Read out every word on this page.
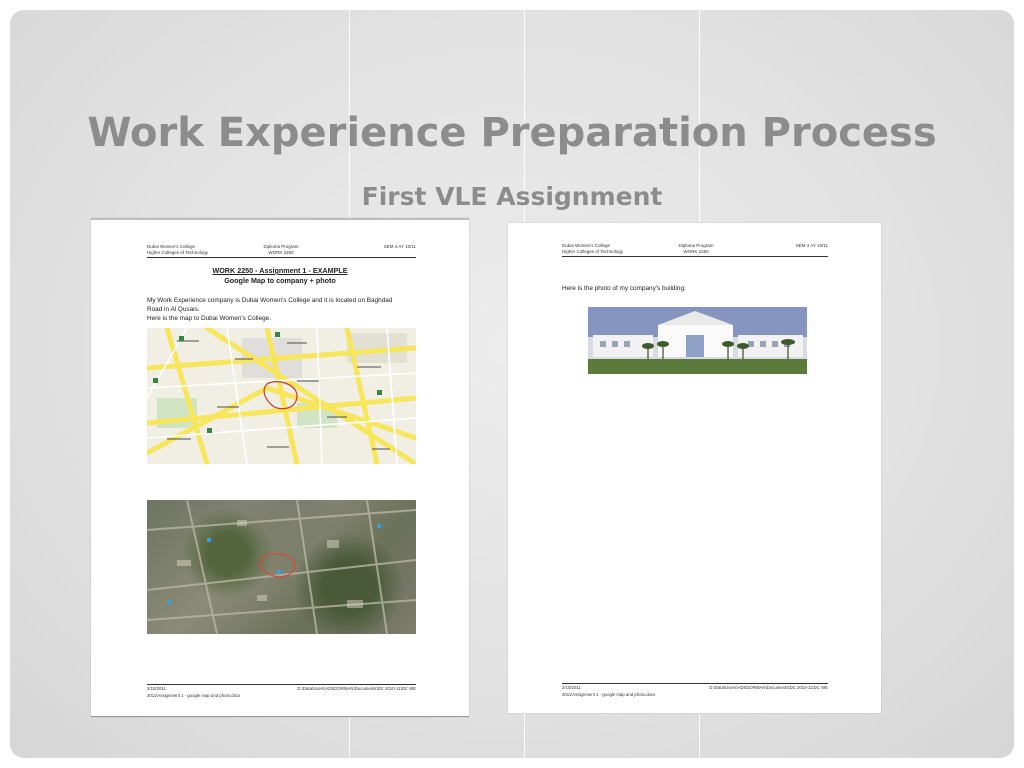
Work Experience Preparation Process
First VLE Assignment
Dubai Women's College
Higher Colleges of Technology
Diploma Program
WORK 2250
SEM 4 AY 10/11
WORK 2250 - Assignment 1 - EXAMPLE
Google Map to company + photo
My Work Experience company is Dubai Women's College and it is located on Baghdad
Road in Al Qusais.
Here is the map to Dubai Women's College.
2/10/2011	D:\Data\Users\ADSDORMAN\Documents\DC 2010-11\DC WE
2011\Assignment 1 - google map and photo.docx
Dubai Women's College
Higher Colleges of Technology
Diploma Program
WORK 2250
SEM 4 AY 10/11
Here is the photo of my company's building:
2/10/2011	D:\Data\Users\ADSDORMAN\Documents\DC 2010-11\DC WE
2011\Assignment 1 - google map and photo.docx
